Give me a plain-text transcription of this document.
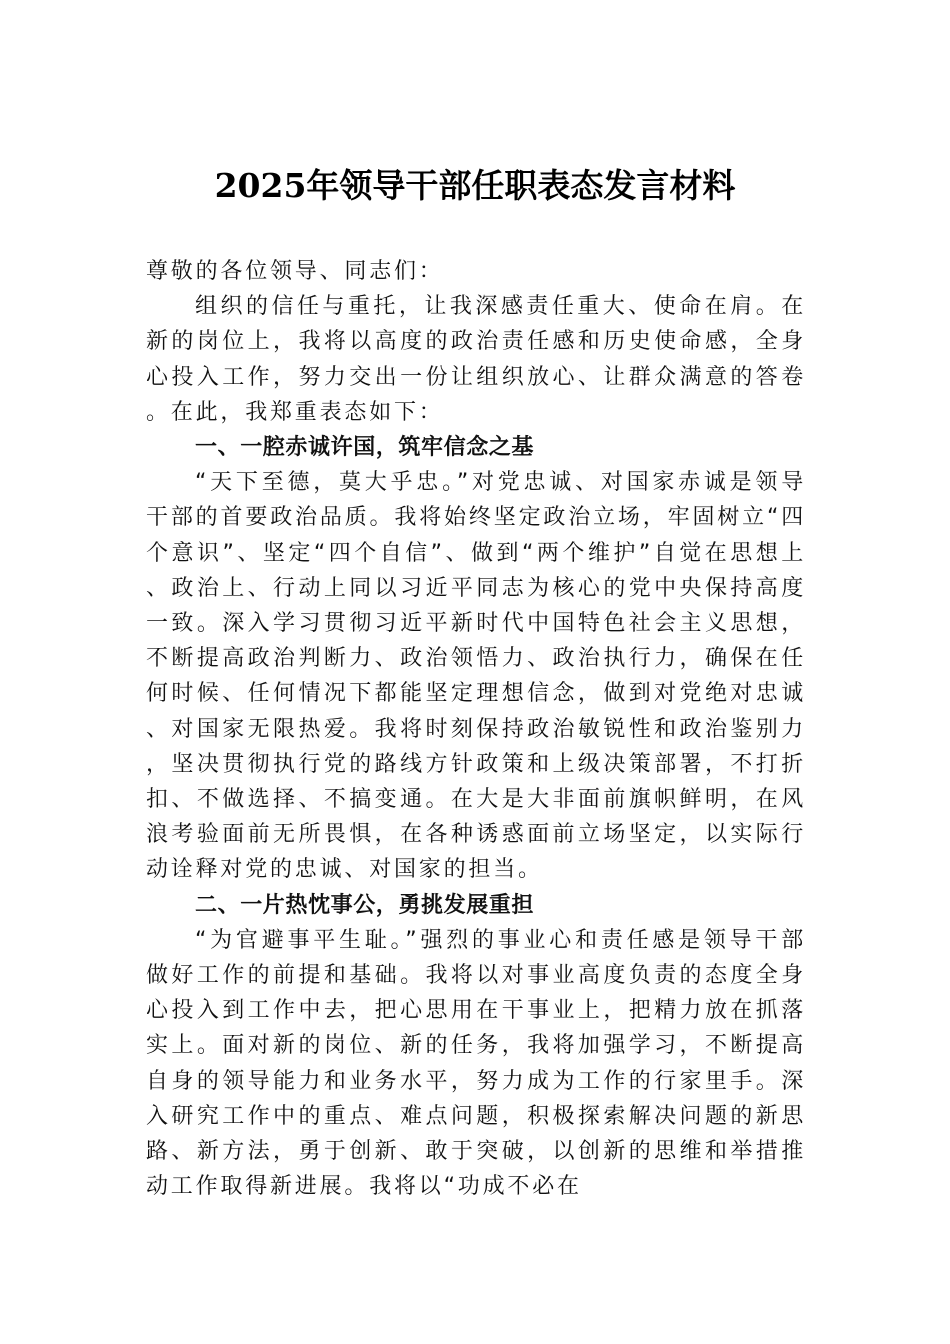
2025年领导干部任职表态发言材料

尊敬的各位领导、同志们：

组织的信任与重托，让我深感责任重大、使命在肩。在新的岗位上，我将以高度的政治责任感和历史使命感，全身心投入工作，努力交出一份让组织放心、让群众满意的答卷。在此，我郑重表态如下：

一、一腔赤诚许国，筑牢信念之基

“天下至德，莫大乎忠。”对党忠诚、对国家赤诚是领导干部的首要政治品质。我将始终坚定政治立场，牢固树立“四个意识”、坚定“四个自信”、做到“两个维护”自觉在思想上、政治上、行动上同以习近平同志为核心的党中央保持高度一致。深入学习贯彻习近平新时代中国特色社会主义思想，不断提高政治判断力、政治领悟力、政治执行力，确保在任何时候、任何情况下都能坚定理想信念，做到对党绝对忠诚、对国家无限热爱。我将时刻保持政治敏锐性和政治鉴别力，坚决贯彻执行党的路线方针政策和上级决策部署，不打折扣、不做选择、不搞变通。在大是大非面前旗帜鲜明，在风浪考验面前无所畏惧，在各种诱惑面前立场坚定，以实际行动诠释对党的忠诚、对国家的担当。

二、一片热忱事公，勇挑发展重担

“为官避事平生耻。”强烈的事业心和责任感是领导干部做好工作的前提和基础。我将以对事业高度负责的态度全身心投入到工作中去，把心思用在干事业上，把精力放在抓落实上。面对新的岗位、新的任务，我将加强学习，不断提高自身的领导能力和业务水平，努力成为工作的行家里手。深入研究工作中的重点、难点问题，积极探索解决问题的新思路、新方法，勇于创新、敢于突破，以创新的思维和举措推动工作取得新进展。我将以“功成不必在
